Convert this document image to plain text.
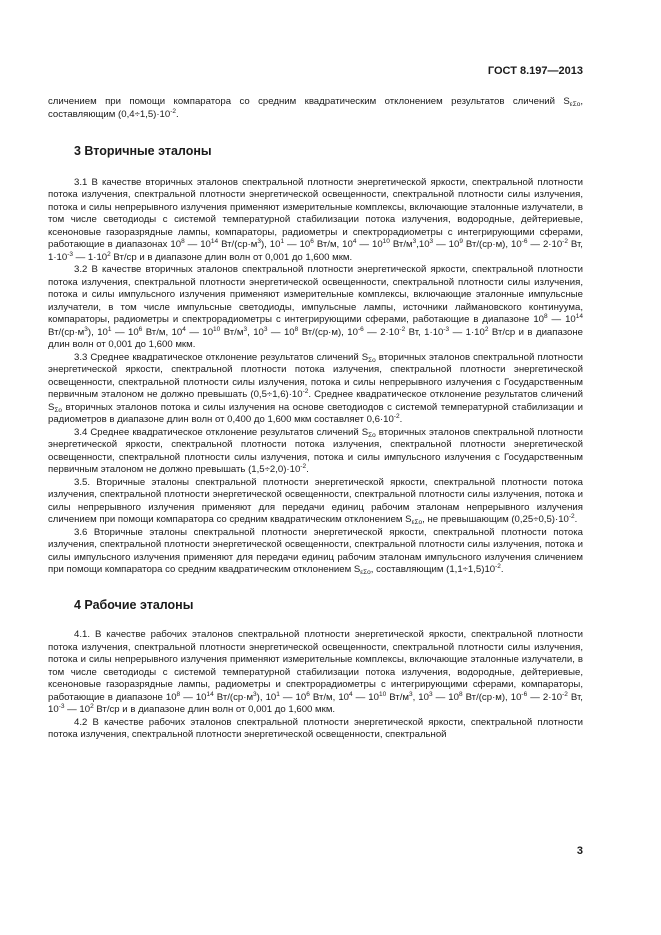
ГОСТ 8.197—2013

сличением при помощи компаратора со средним квадратическим отклонением результатов сличений $S_{\varepsilon\Sigma o}$, составляющим $(0,4\div 1,5)\cdot 10^{-2}$.

3 Вторичные эталоны

3.1 В качестве вторичных эталонов спектральной плотности энергетической яркости, спектральной плотности потока излучения, спектральной плотности энергетической освещенности, спектральной плотности силы излучения, потока и силы непрерывного излучения применяют измерительные комплексы, включающие эталонные излучатели, в том числе светодиоды с системой температурной стабилизации потока излучения, водородные, дейтериевые, ксеноновые газоразрядные лампы, компараторы, радиометры и спектрорадиометры с интегрирующими сферами, работающие в диапазонах $10^8$ — $10^{14}$ $Вт/(ср\cdot м^3)$, $10^1$ — $10^6$ Вт/м, $10^4$ — $10^{10}$ $Вт/м^3,10^3$ — $10^9$ Вт/(ср·м), $10^{-6}$ — $2\cdot 10^{-2}$ Вт, $1\cdot 10^{-3}$ — $1\cdot 10^2$ Вт/ср и в диапазоне длин волн от 0,001 до 1,600 мкм.

3.2 В качестве вторичных эталонов спектральной плотности энергетической яркости, спектральной плотности потока излучения, спектральной плотности энергетической освещенности, спектральной плотности силы излучения, потока и силы импульсного излучения применяют измерительные комплексы, включающие эталонные импульсные излучатели, в том числе импульсные светодиоды, импульсные лампы, источники лаймановского континуума, компараторы, радиометры и спектрорадиометры с интегрирующими сферами, работающие в диапазоне $10^8$ — $10^{14}$ $Вт/(ср\cdot м^3)$, $10^1$ — $10^6$ Вт/м, $10^4$ — $10^{10}$ $Вт/м^3$, $10^3$ — $10^8$ Вт/(ср·м), $10^{-6}$ — $2\cdot 10^{-2}$ Вт, $1\cdot 10^{-3}$ — $1\cdot 10^2$ Вт/ср и в диапазоне длин волн от 0,001 до 1,600 мкм.

3.3 Среднее квадратическое отклонение результатов сличений $S_{\Sigma o}$ вторичных эталонов спектральной плотности энергетической яркости, спектральной плотности потока излучения, спектральной плотности энергетической освещенности, спектральной плотности силы излучения, потока и силы непрерывного излучения с Государственным первичным эталоном не должно превышать $(0,5\div 1,6)\cdot 10^{-2}$. Среднее квадратическое отклонение результатов сличений $S_{\Sigma o}$ вторичных эталонов потока и силы излучения на основе светодиодов с системой температурной стабилизации и радиометров в диапазоне длин волн от 0,400 до 1,600 мкм составляет $0,6\cdot 10^{-2}$.

3.4 Среднее квадратическое отклонение результатов сличений $S_{\Sigma o}$ вторичных эталонов спектральной плотности энергетической яркости, спектральной плотности потока излучения, спектральной плотности энергетической освещенности, спектральной плотности силы излучения, потока и силы импульсного излучения с Государственным первичным эталоном не должно превышать $(1,5\div 2,0)\cdot 10^{-2}$.

3.5. Вторичные эталоны спектральной плотности энергетической яркости, спектральной плотности потока излучения, спектральной плотности энергетической освещенности, спектральной плотности силы излучения, потока и силы непрерывного излучения применяют для передачи единиц рабочим эталонам непрерывного излучения сличением при помощи компаратора со средним квадратическим отклонением $S_{\varepsilon\Sigma o}$, не превышающим $(0,25\div 0,5)\cdot 10^{-2}$.

3.6 Вторичные эталоны спектральной плотности энергетической яркости, спектральной плотности потока излучения, спектральной плотности энергетической освещенности, спектральной плотности силы излучения, потока и силы импульсного излучения применяют для передачи единиц рабочим эталонам импульсного излучения сличением при помощи компаратора со средним квадратическим отклонением $S_{\varepsilon\Sigma o}$, составляющим $(1,1\div 1,5)10^{-2}$.

4 Рабочие эталоны

4.1. В качестве рабочих эталонов спектральной плотности энергетической яркости, спектральной плотности потока излучения, спектральной плотности энергетической освещенности, спектральной плотности силы излучения, потока и силы непрерывного излучения применяют измерительные комплексы, включающие эталонные излучатели, в том числе светодиоды с системой температурной стабилизации потока излучения, водородные, дейтериевые, ксеноновые газоразрядные лампы, радиометры и спектрорадиометры с интегрирующими сферами, компараторы, работающие в диапазоне $10^8$ — $10^{14}$ $Вт/(ср\cdot м^3)$, $10^1$ — $10^6$ Вт/м, $10^4$ — $10^{10}$ $Вт/м^3$, $10^3$ — $10^8$ Вт/(ср·м), $10^{-6}$ — $2\cdot 10^{-2}$ Вт, $10^{-3}$ — $10^2$ Вт/ср и в диапазоне длин волн от 0,001 до 1,600 мкм.

4.2 В качестве рабочих эталонов спектральной плотности энергетической яркости, спектральной плотности потока излучения, спектральной плотности энергетической освещенности, спектральной

3
